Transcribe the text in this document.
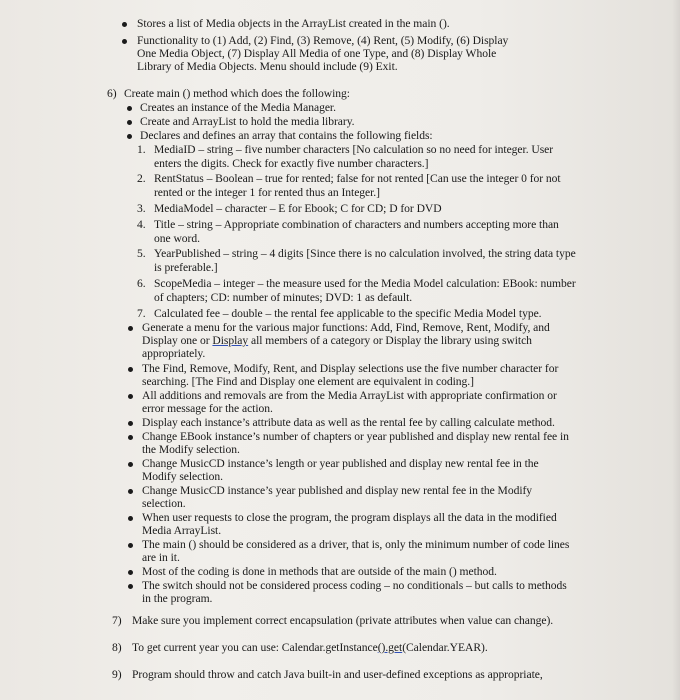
Stores a list of Media objects in the ArrayList created in the main ().
Functionality to (1) Add, (2) Find, (3) Remove, (4) Rent, (5) Modify, (6) Display
One Media Object, (7) Display All Media of one Type, and (8) Display Whole
Library of Media Objects. Menu should include (9) Exit.
6) Create main () method which does the following:
Creates an instance of the Media Manager.
Create and ArrayList to hold the media library.
Declares and defines an array that contains the following fields:
1. MediaID – string – five number characters [No calculation so no need for integer. User
enters the digits. Check for exactly five number characters.]
2. RentStatus – Boolean – true for rented; false for not rented [Can use the integer 0 for not
rented or the integer 1 for rented thus an Integer.]
3. MediaModel – character – E for Ebook; C for CD; D for DVD
4. Title – string – Appropriate combination of characters and numbers accepting more than
one word.
5. YearPublished – string – 4 digits [Since there is no calculation involved, the string data type
is preferable.]
6. ScopeMedia – integer – the measure used for the Media Model calculation: EBook: number
of chapters; CD: number of minutes; DVD: 1 as default.
7. Calculated fee – double – the rental fee applicable to the specific Media Model type.
Generate a menu for the various major functions: Add, Find, Remove, Rent, Modify, and
Display one or Display all members of a category or Display the library using switch
appropriately.
The Find, Remove, Modify, Rent, and Display selections use the five number character for
searching. [The Find and Display one element are equivalent in coding.]
All additions and removals are from the Media ArrayList with appropriate confirmation or
error message for the action.
Display each instance’s attribute data as well as the rental fee by calling calculate method.
Change EBook instance’s number of chapters or year published and display new rental fee in
the Modify selection.
Change MusicCD instance’s length or year published and display new rental fee in the
Modify selection.
Change MusicCD instance’s year published and display new rental fee in the Modify
selection.
When user requests to close the program, the program displays all the data in the modified
Media ArrayList.
The main () should be considered as a driver, that is, only the minimum number of code lines
are in it.
Most of the coding is done in methods that are outside of the main () method.
The switch should not be considered process coding – no conditionals – but calls to methods
in the program.
7) Make sure you implement correct encapsulation (private attributes when value can change).
8) To get current year you can use: Calendar.getInstance().get(Calendar.YEAR).
9) Program should throw and catch Java built-in and user-defined exceptions as appropriate,
